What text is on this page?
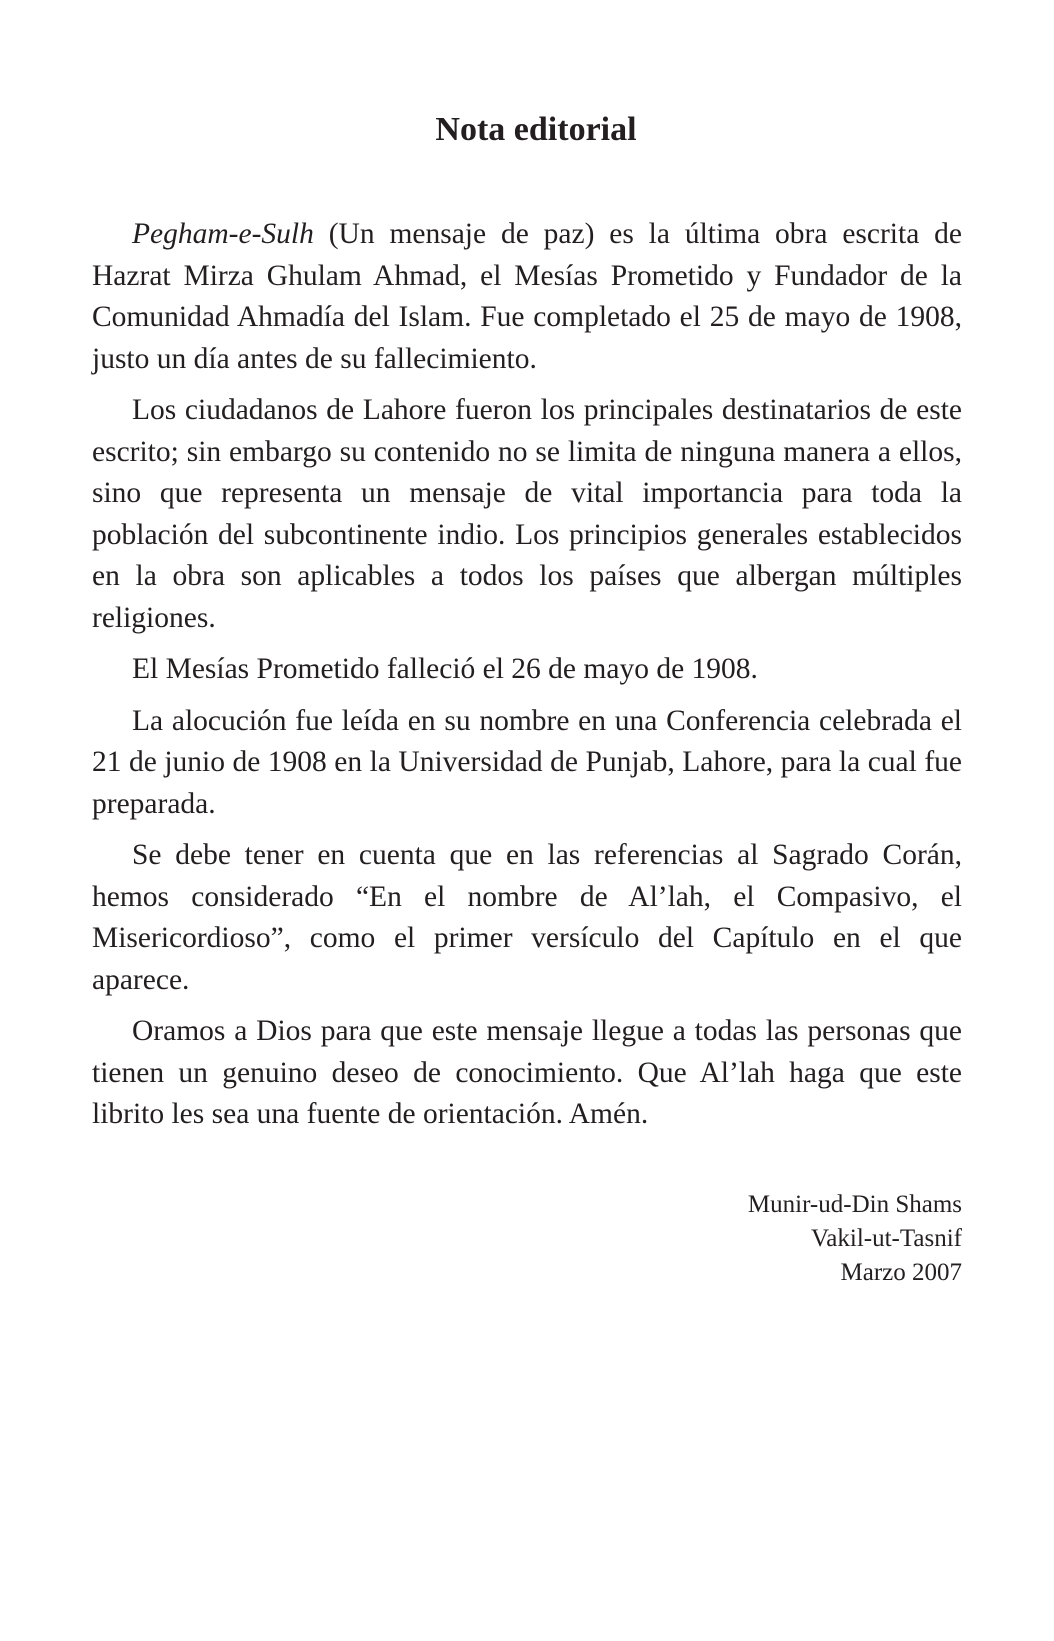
Nota editorial

Pegham-e-Sulh (Un mensaje de paz) es la última obra escrita de Hazrat Mirza Ghulam Ahmad, el Mesías Prometido y Fundador de la Comunidad Ahmadía del Islam. Fue completado el 25 de mayo de 1908, justo un día antes de su fallecimiento.

Los ciudadanos de Lahore fueron los principales destinatarios de este escrito; sin embargo su contenido no se limita de ninguna manera a ellos, sino que representa un mensaje de vital importancia para toda la población del subcontinente indio. Los principios generales establecidos en la obra son aplicables a todos los países que albergan múltiples religiones.

El Mesías Prometido falleció el 26 de mayo de 1908.

La alocución fue leída en su nombre en una Conferencia celebrada el 21 de junio de 1908 en la Universidad de Punjab, Lahore, para la cual fue preparada.

Se debe tener en cuenta que en las referencias al Sagrado Corán, hemos considerado “En el nombre de Al’lah, el Compasivo, el Misericordioso”, como el primer versículo del Capítulo en el que aparece.

Oramos a Dios para que este mensaje llegue a todas las personas que tienen un genuino deseo de conocimiento. Que Al’lah haga que este librito les sea una fuente de orientación. Amén.

Munir-ud-Din Shams
Vakil-ut-Tasnif
Marzo 2007
